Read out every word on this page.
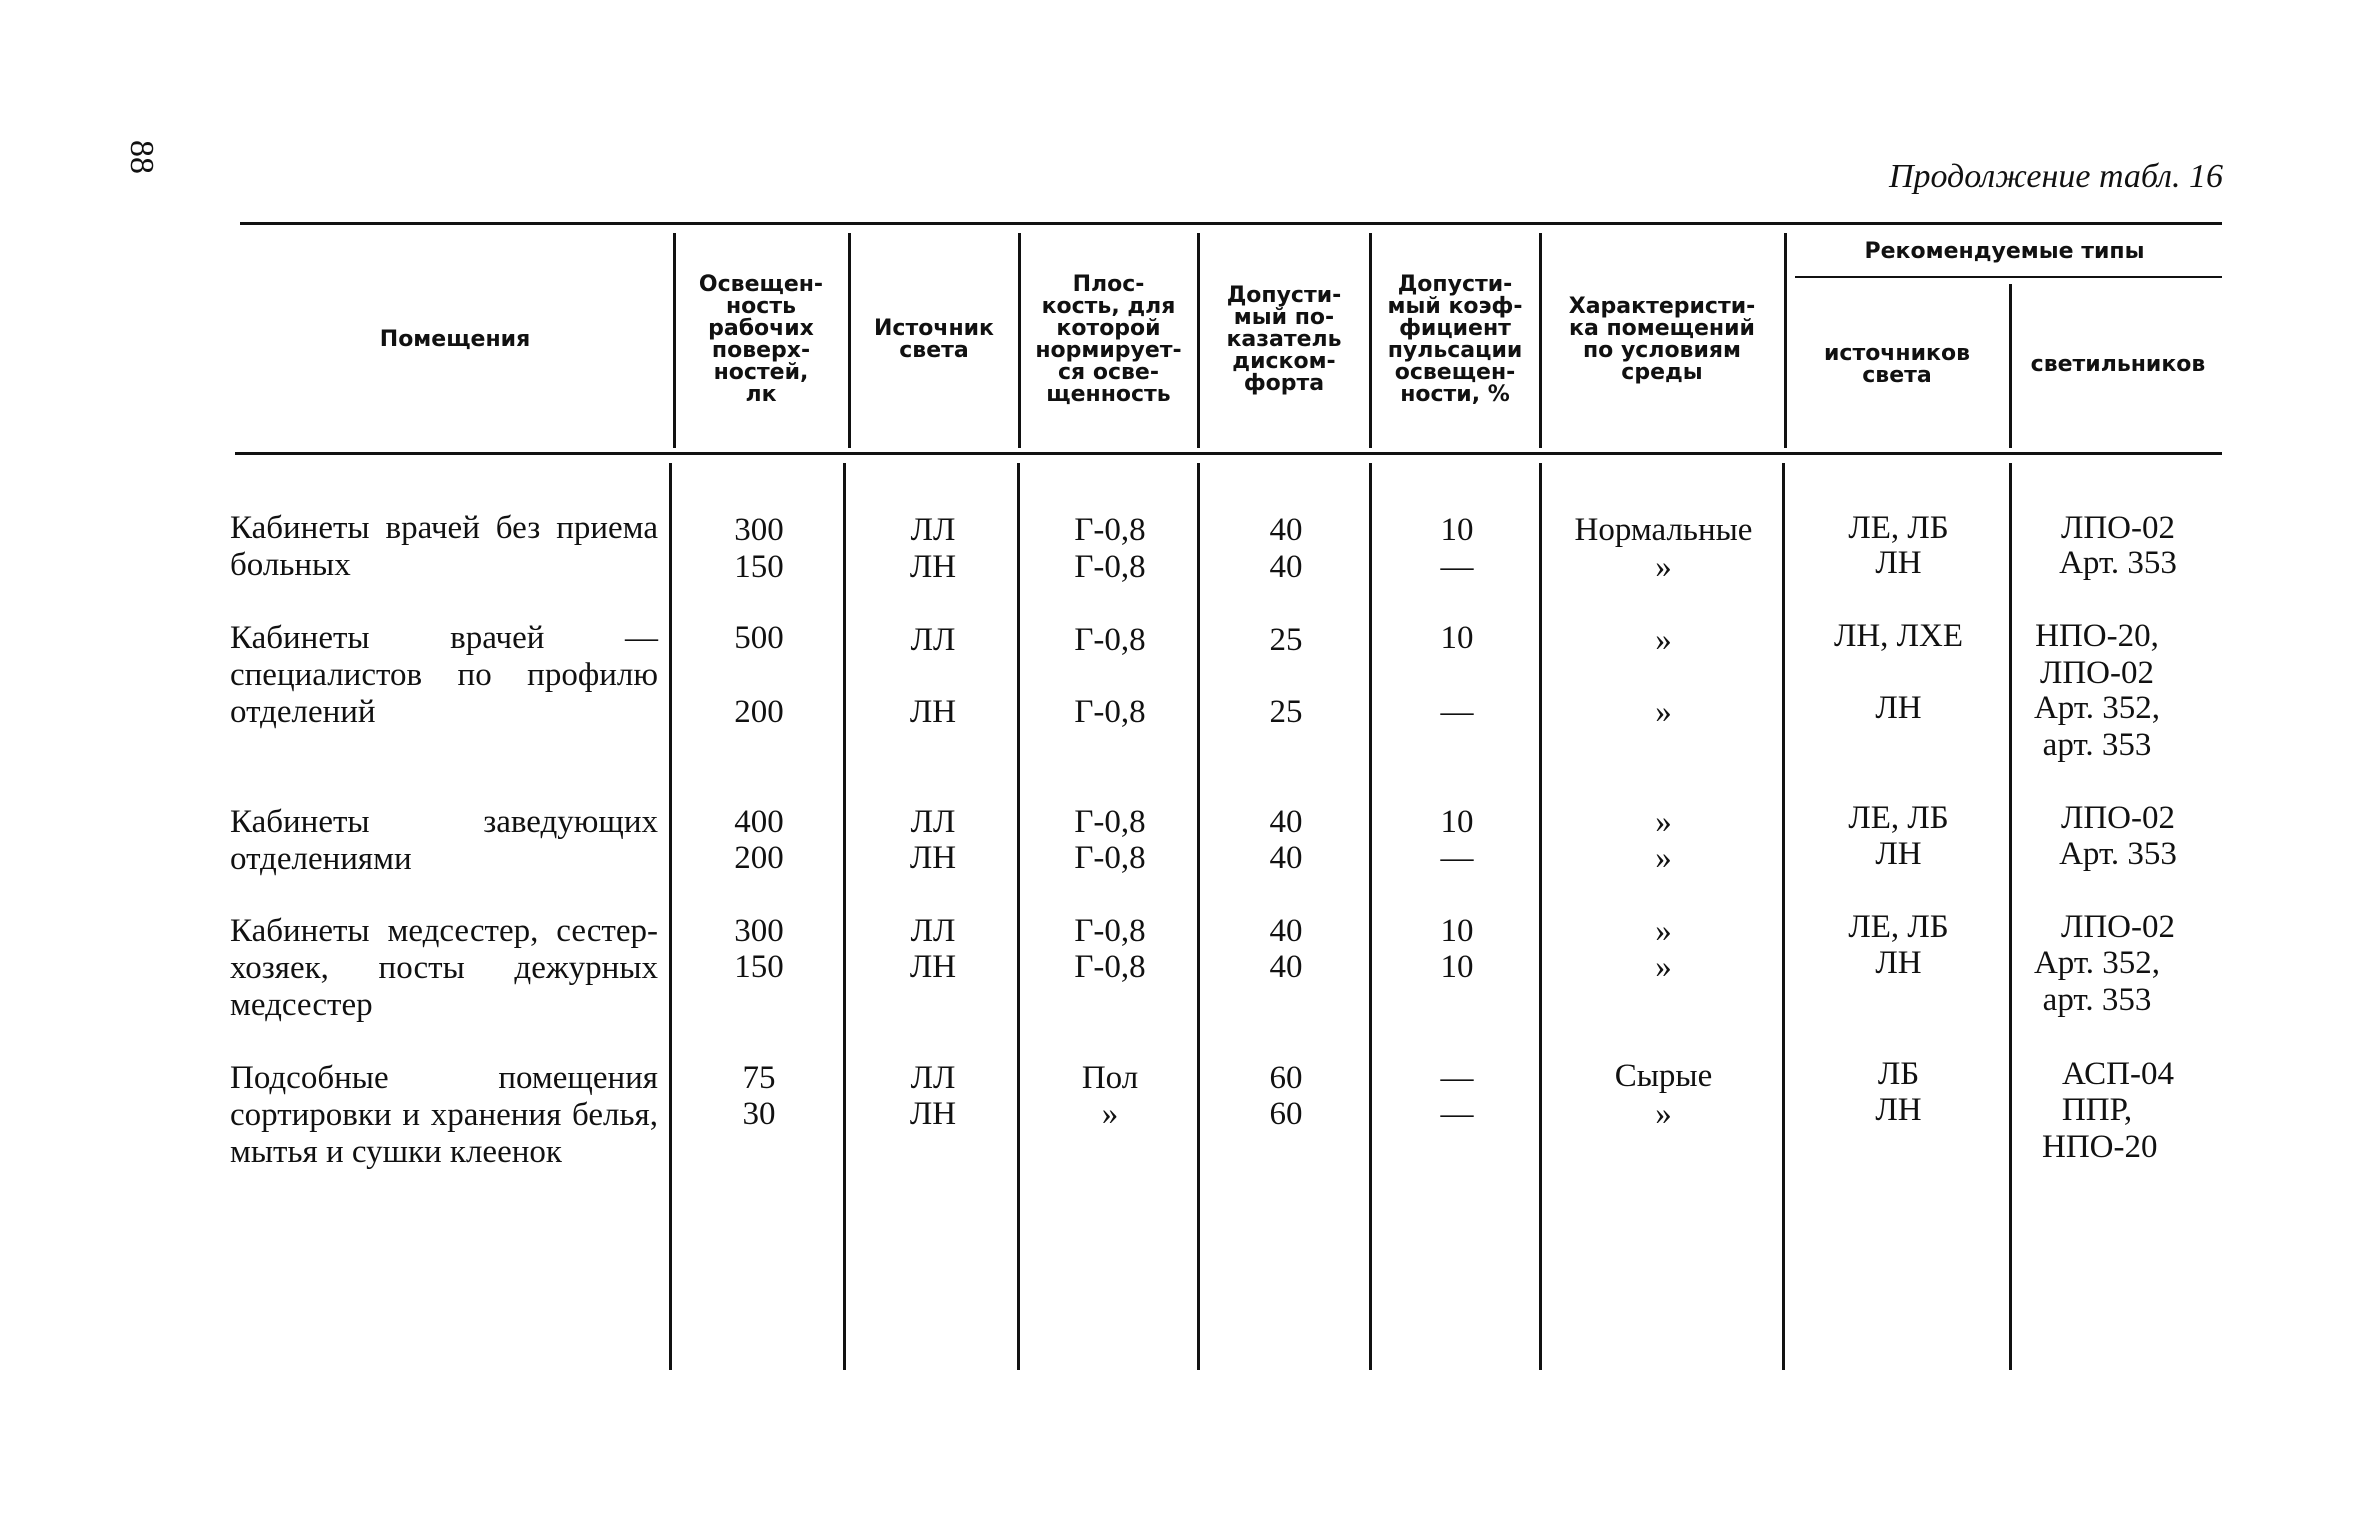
88
Продолжение табл. 16
Помещения
Освещен-
ность
рабочих
поверх-
ностей,
лк
Источник
света
Плос-
кость, для
которой
нормирует-
ся осве-
щенность
Допусти-
мый по-
казатель
диском-
форта
Допусти-
мый коэф-
фициент
пульсации
освещен-
ности, %
Характеристи-
ка помещений
по условиям
среды
Рекомендуемые типы
источников
света	светильников
Кабинеты врачей без приема больных
Кабинеты врачей — специалистов по профилю отделений
Кабинеты заведующих отделениями
Кабинеты медсестер, сестер-хозяек, посты дежурных медсестер
Подсобные помещения сортировки и хранения белья, мытья и сушки клеенок
300
150
ЛЛ
ЛН
Г-0,8
Г-0,8
40
40
10
—
Нормальные
»
ЛЕ, ЛБ
ЛН
ЛПО-02
Арт. 353
500
200
ЛЛ
ЛН
Г-0,8
Г-0,8
25
25
10
—
»
»
ЛН, ЛХЕ
ЛН
НПО-20, ЛПО-02
Арт. 352, арт. 353
400
200
ЛЛ
ЛН
Г-0,8
Г-0,8
40
40
10
—
»
»
ЛЕ, ЛБ
ЛН
ЛПО-02
Арт. 353
300
150
ЛЛ
ЛН
Г-0,8
Г-0,8
40
40
10
10
»
»
ЛЕ, ЛБ
ЛН
ЛПО-02
Арт. 352, арт. 353
75
30
ЛЛ
ЛН
Пол
»
60
60
—
—
Сырые
»
ЛБ
ЛН
АСП-04
ППР, НПО-20
